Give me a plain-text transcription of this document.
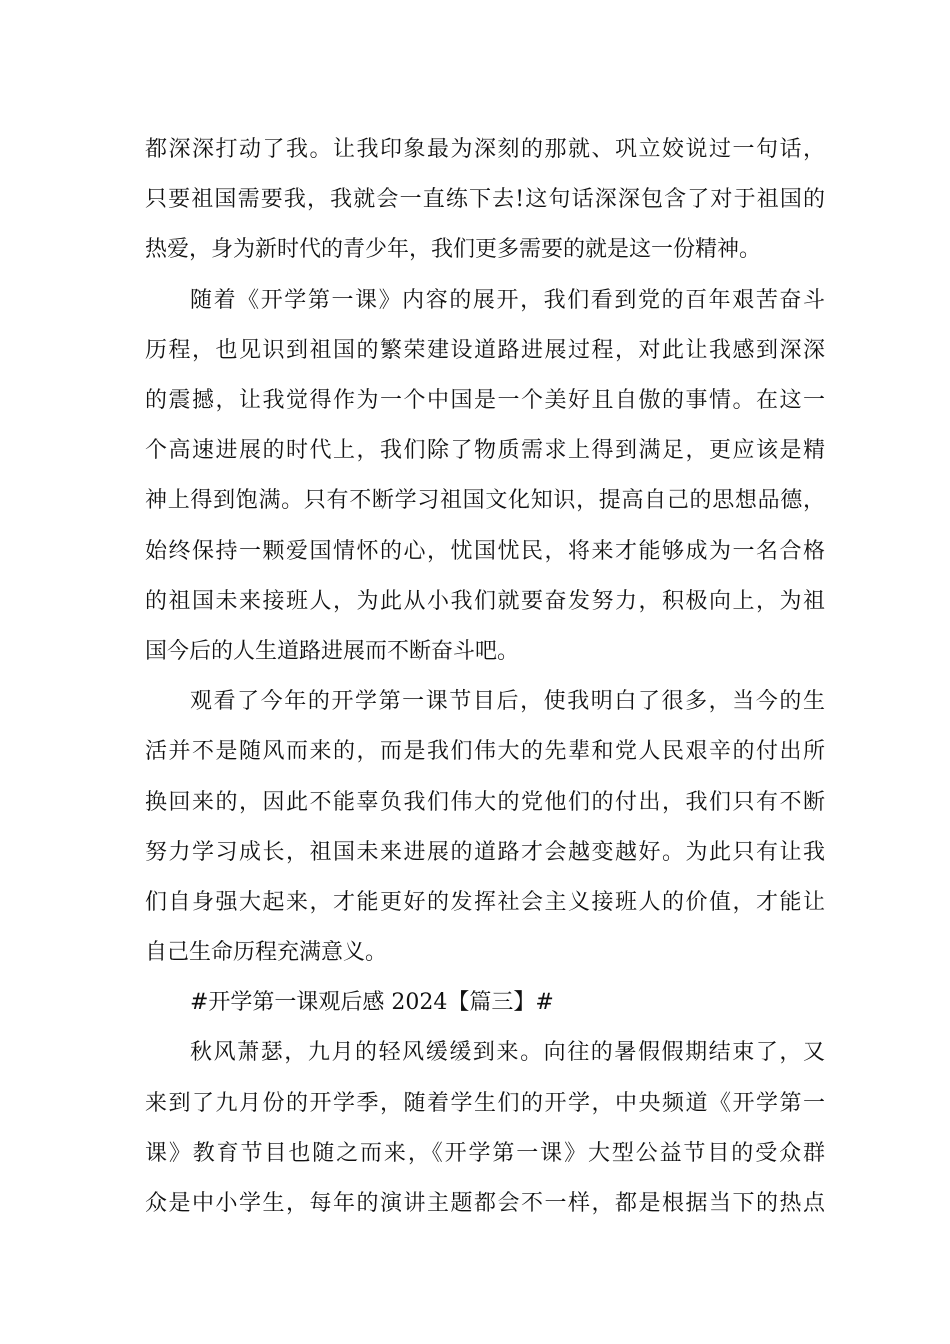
都深深打动了我。让我印象最为深刻的那就、巩立姣说过一句话，
只要祖国需要我，我就会一直练下去!这句话深深包含了对于祖国的
热爱，身为新时代的青少年，我们更多需要的就是这一份精神。
随着《开学第一课》内容的展开，我们看到党的百年艰苦奋斗
历程，也见识到祖国的繁荣建设道路进展过程，对此让我感到深深
的震撼，让我觉得作为一个中国是一个美好且自傲的事情。在这一
个高速进展的时代上，我们除了物质需求上得到满足，更应该是精
神上得到饱满。只有不断学习祖国文化知识，提高自己的思想品德，
始终保持一颗爱国情怀的心，忧国忧民，将来才能够成为一名合格
的祖国未来接班人，为此从小我们就要奋发努力，积极向上，为祖
国今后的人生道路进展而不断奋斗吧。
观看了今年的开学第一课节目后，使我明白了很多，当今的生
活并不是随风而来的，而是我们伟大的先辈和党人民艰辛的付出所
换回来的，因此不能辜负我们伟大的党他们的付出，我们只有不断
努力学习成长，祖国未来进展的道路才会越变越好。为此只有让我
们自身强大起来，才能更好的发挥社会主义接班人的价值，才能让
自己生命历程充满意义。
#开学第一课观后感 2024【篇三】#
秋风萧瑟，九月的轻风缓缓到来。向往的暑假假期结束了，又
来到了九月份的开学季，随着学生们的开学，中央频道《开学第一
课》教育节目也随之而来，《开学第一课》大型公益节目的受众群
众是中小学生，每年的演讲主题都会不一样，都是根据当下的热点
